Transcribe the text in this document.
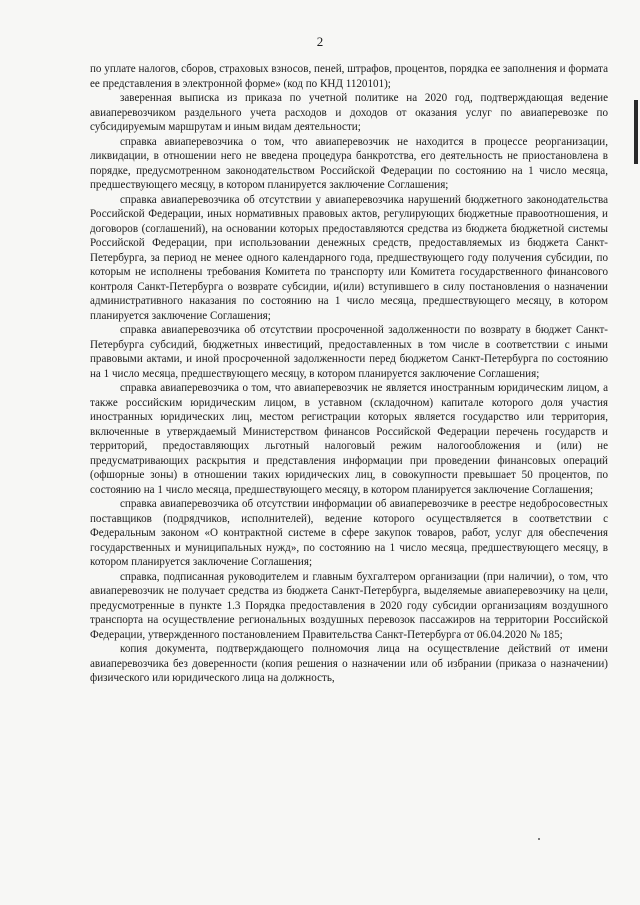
2

по уплате налогов, сборов, страховых взносов, пеней, штрафов, процентов, порядка ее заполнения и формата ее представления в электронной форме» (код по КНД 1120101);

заверенная выписка из приказа по учетной политике на 2020 год, подтверждающая ведение авиаперевозчиком раздельного учета расходов и доходов от оказания услуг по авиаперевозке по субсидируемым маршрутам и иным видам деятельности;

справка авиаперевозчика о том, что авиаперевозчик не находится в процессе реорганизации, ликвидации, в отношении него не введена процедура банкротства, его деятельность не приостановлена в порядке, предусмотренном законодательством Российской Федерации по состоянию на 1 число месяца, предшествующего месяцу, в котором планируется заключение Соглашения;

справка авиаперевозчика об отсутствии у авиаперевозчика нарушений бюджетного законодательства Российской Федерации, иных нормативных правовых актов, регулирующих бюджетные правоотношения, и договоров (соглашений), на основании которых предоставляются средства из бюджета бюджетной системы Российской Федерации, при использовании денежных средств, предоставляемых из бюджета Санкт-Петербурга, за период не менее одного календарного года, предшествующего году получения субсидии, по которым не исполнены требования Комитета по транспорту или Комитета государственного финансового контроля Санкт-Петербурга о возврате субсидии, и(или) вступившего в силу постановления о назначении административного наказания по состоянию на 1 число месяца, предшествующего месяцу, в котором планируется заключение Соглашения;

справка авиаперевозчика об отсутствии просроченной задолженности по возврату в бюджет Санкт-Петербурга субсидий, бюджетных инвестиций, предоставленных в том числе в соответствии с иными правовыми актами, и иной просроченной задолженности перед бюджетом Санкт-Петербурга по состоянию на 1 число месяца, предшествующего месяцу, в котором планируется заключение Соглашения;

справка авиаперевозчика о том, что авиаперевозчик не является иностранным юридическим лицом, а также российским юридическим лицом, в уставном (складочном) капитале которого доля участия иностранных юридических лиц, местом регистрации которых является государство или территория, включенные в утверждаемый Министерством финансов Российской Федерации перечень государств и территорий, предоставляющих льготный налоговый режим налогообложения и (или) не предусматривающих раскрытия и представления информации при проведении финансовых операций (офшорные зоны) в отношении таких юридических лиц, в совокупности превышает 50 процентов, по состоянию на 1 число месяца, предшествующего месяцу, в котором планируется заключение Соглашения;

справка авиаперевозчика об отсутствии информации об авиаперевозчике в реестре недобросовестных поставщиков (подрядчиков, исполнителей), ведение которого осуществляется в соответствии с Федеральным законом «О контрактной системе в сфере закупок товаров, работ, услуг для обеспечения государственных и муниципальных нужд», по состоянию на 1 число месяца, предшествующего месяцу, в котором планируется заключение Соглашения;

справка, подписанная руководителем и главным бухгалтером организации (при наличии), о том, что авиаперевозчик не получает средства из бюджета Санкт-Петербурга, выделяемые авиаперевозчику на цели, предусмотренные в пункте 1.3 Порядка предоставления в 2020 году субсидии организациям воздушного транспорта на осуществление региональных воздушных перевозок пассажиров на территории Российской Федерации, утвержденного постановлением Правительства Санкт-Петербурга от 06.04.2020 № 185;

копия документа, подтверждающего полномочия лица на осуществление действий от имени авиаперевозчика без доверенности (копия решения о назначении или об избрании (приказа о назначении) физического или юридического лица на должность,
